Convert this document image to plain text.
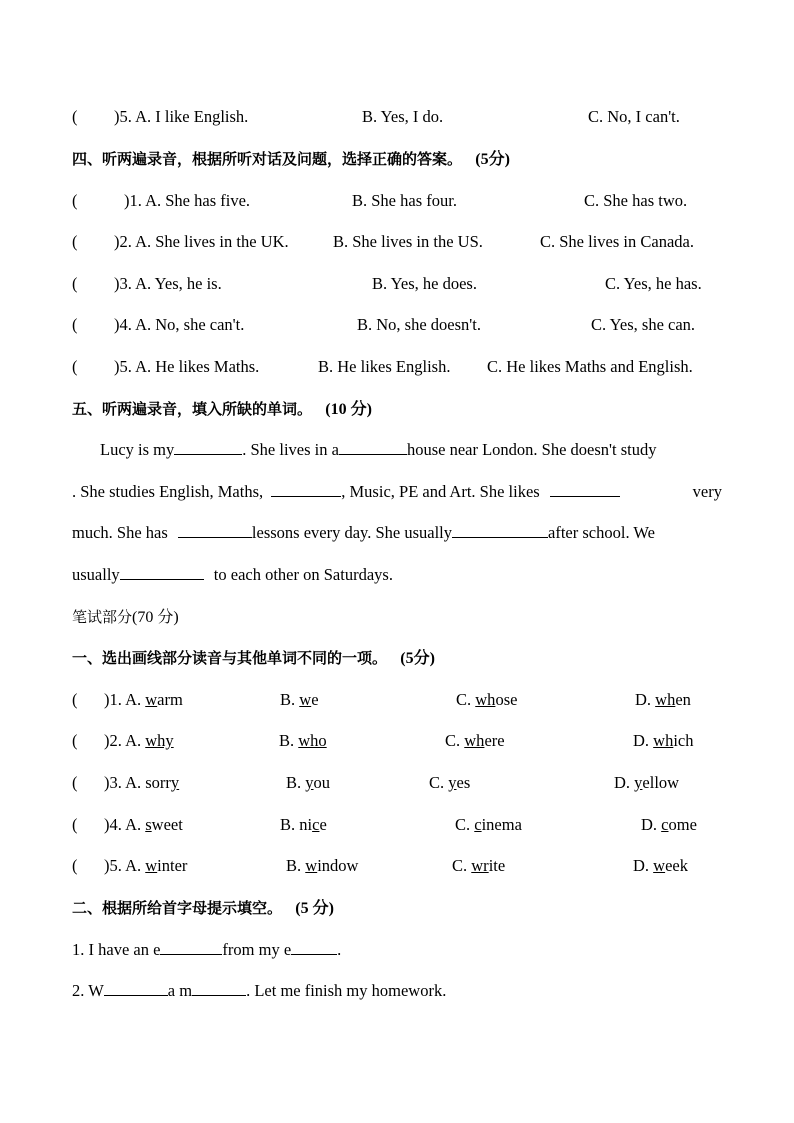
( )5. A. I like English.	B. Yes, I do.	C. No, I can't.
四、听两遍录音，根据所听对话及问题，选择正确的答案。 (5分)
(	)1. A. She has five.	B. She has four.	C. She has two.
( )2. A. She lives in the UK.	B. She lives in the US.	C. She lives in Canada.
( )3. A. Yes, he is.	B. Yes, he does.	C. Yes, he has.
( )4. A. No, she can't.	B. No, she doesn't.	C. Yes, she can.
( )5. A. He likes Maths.	B. He likes English. C. He likes Maths and English.
五、听两遍录音，填入所缺的单词。 (10 分)
Lucy is my	. She lives in a	house near London. She doesn't study
. She studies English, Maths,	, Music, PE and Art. She likes	very
much. She has	lessons every day. She usually	after school. We
usually	to each other on Saturdays.
笔试部分(70 分)
一、选出画线部分读音与其他单词不同的一项。 (5分)
( )1. A. warm	B. we	C. whose	D. when
( )2. A. why	B. who	C. where	D. which
( )3. A. sorry	B. you	C. yes	D. yellow
( )4. A. sweet	B. nice	C. cinema	D. come
( )5. A. winter	B. window	C. write	D. week
二、根据所给首字母提示填空。 (5 分)
1. I have an e	from my e	.
2. W	a m	. Let me finish my homework.
